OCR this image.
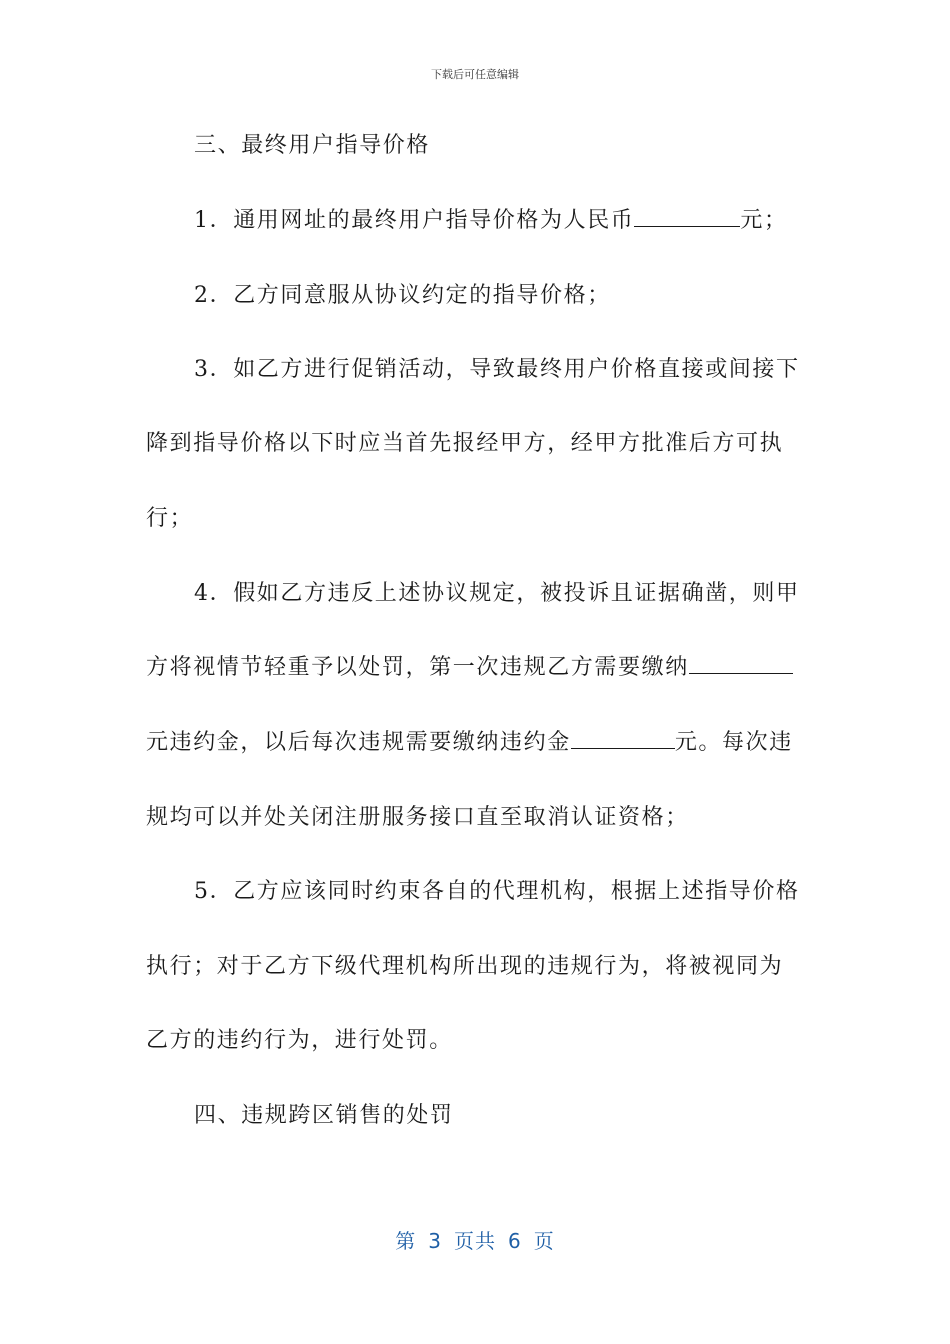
下载后可任意编辑
三、最终用户指导价格
1．通用网址的最终用户指导价格为人民币	元；
2．乙方同意服从协议约定的指导价格；
3．如乙方进行促销活动，导致最终用户价格直接或间接下
降到指导价格以下时应当首先报经甲方，经甲方批准后方可执
行；
4．假如乙方违反上述协议规定，被投诉且证据确凿，则甲
方将视情节轻重予以处罚，第一次违规乙方需要缴纳
元违约金，以后每次违规需要缴纳违约金	元。每次违
规均可以并处关闭注册服务接口直至取消认证资格；
5．乙方应该同时约束各自的代理机构，根据上述指导价格
执行；对于乙方下级代理机构所出现的违规行为，将被视同为
乙方的违约行为，进行处罚。
四、违规跨区销售的处罚
第 3 页共 6 页
